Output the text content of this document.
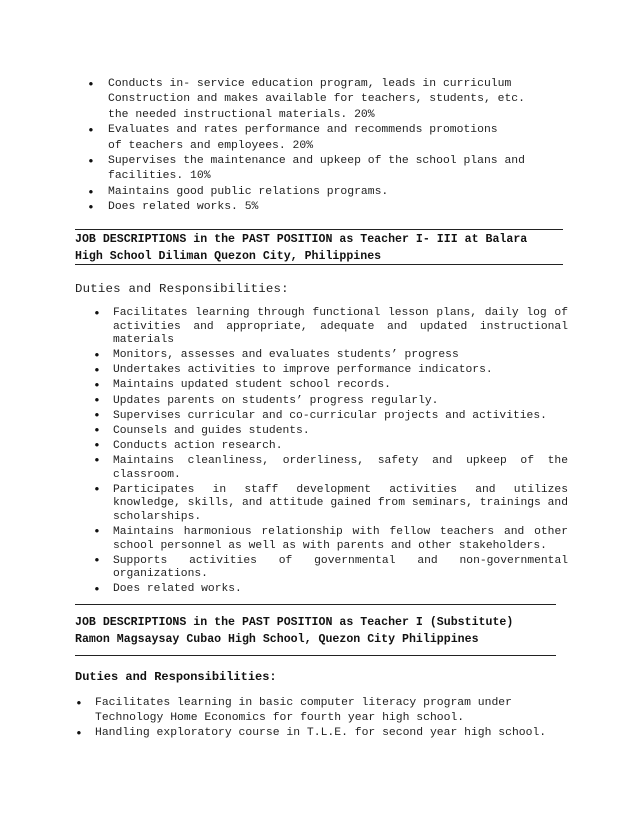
• Conducts in- service education program, leads in curriculum
Construction and makes available for teachers, students, etc.
the needed instructional materials. 20%
• Evaluates and rates performance and recommends promotions
of teachers and employees. 20%
• Supervises the maintenance and upkeep of the school plans and
facilities. 10%
• Maintains good public relations programs.
• Does related works. 5%
JOB DESCRIPTIONS in the PAST POSITION as Teacher I- III at Balara
High School Diliman Quezon City, Philippines
Duties and Responsibilities:
• Facilitates learning through functional lesson plans, daily log of activities and appropriate, adequate and updated instructional materials
• Monitors, assesses and evaluates students’ progress
• Undertakes activities to improve performance indicators.
• Maintains updated student school records.
• Updates parents on students’ progress regularly.
• Supervises curricular and co-curricular projects and activities.
• Counsels and guides students.
• Conducts action research.
• Maintains cleanliness, orderliness, safety and upkeep of the classroom.
• Participates in staff development activities and utilizes knowledge, skills, and attitude gained from seminars, trainings and scholarships.
• Maintains harmonious relationship with fellow teachers and other school personnel as well as with parents and other stakeholders.
• Supports activities of governmental and non-governmental organizations.
• Does related works.
JOB DESCRIPTIONS in the PAST POSITION as Teacher I (Substitute)
Ramon Magsaysay Cubao High School, Quezon City Philippines
Duties and Responsibilities:
• Facilitates learning in basic computer literacy program under
Technology Home Economics for fourth year high school.
• Handling exploratory course in T.L.E. for second year high school.
